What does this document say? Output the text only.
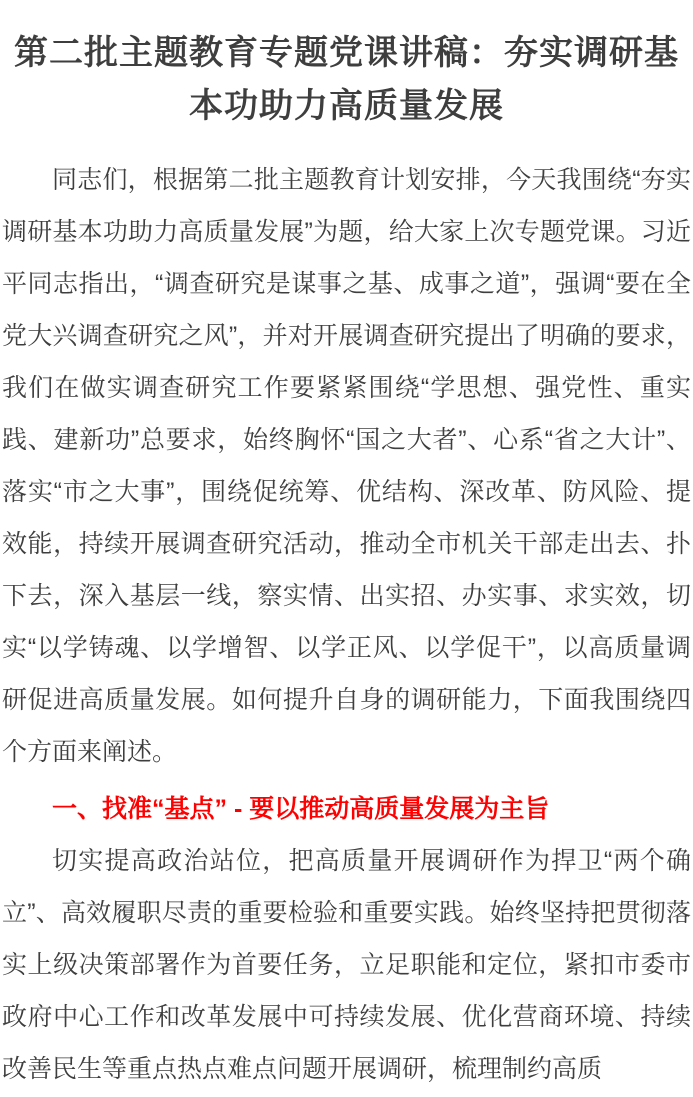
第二批主题教育专题党课讲稿：夯实调研基本功助力高质量发展

同志们，根据第二批主题教育计划安排，今天我围绕“夯实调研基本功助力高质量发展”为题，给大家上次专题党课。习近平同志指出，“调查研究是谋事之基、成事之道”，强调“要在全党大兴调查研究之风”，并对开展调查研究提出了明确的要求，我们在做实调查研究工作要紧紧围绕“学思想、强党性、重实践、建新功”总要求，始终胸怀“国之大者”、心系“省之大计”、落实“市之大事”，围绕促统筹、优结构、深改革、防风险、提效能，持续开展调查研究活动，推动全市机关干部走出去、扑下去，深入基层一线，察实情、出实招、办实事、求实效，切实“以学铸魂、以学增智、以学正风、以学促干”，以高质量调研促进高质量发展。如何提升自身的调研能力，下面我围绕四个方面来阐述。

一、找准“基点” - 要以推动高质量发展为主旨

切实提高政治站位，把高质量开展调研作为捍卫“两个确立”、高效履职尽责的重要检验和重要实践。始终坚持把贯彻落实上级决策部署作为首要任务，立足职能和定位，紧扣市委市政府中心工作和改革发展中可持续发展、优化营商环境、持续改善民生等重点热点难点问题开展调研，梳理制约高质
